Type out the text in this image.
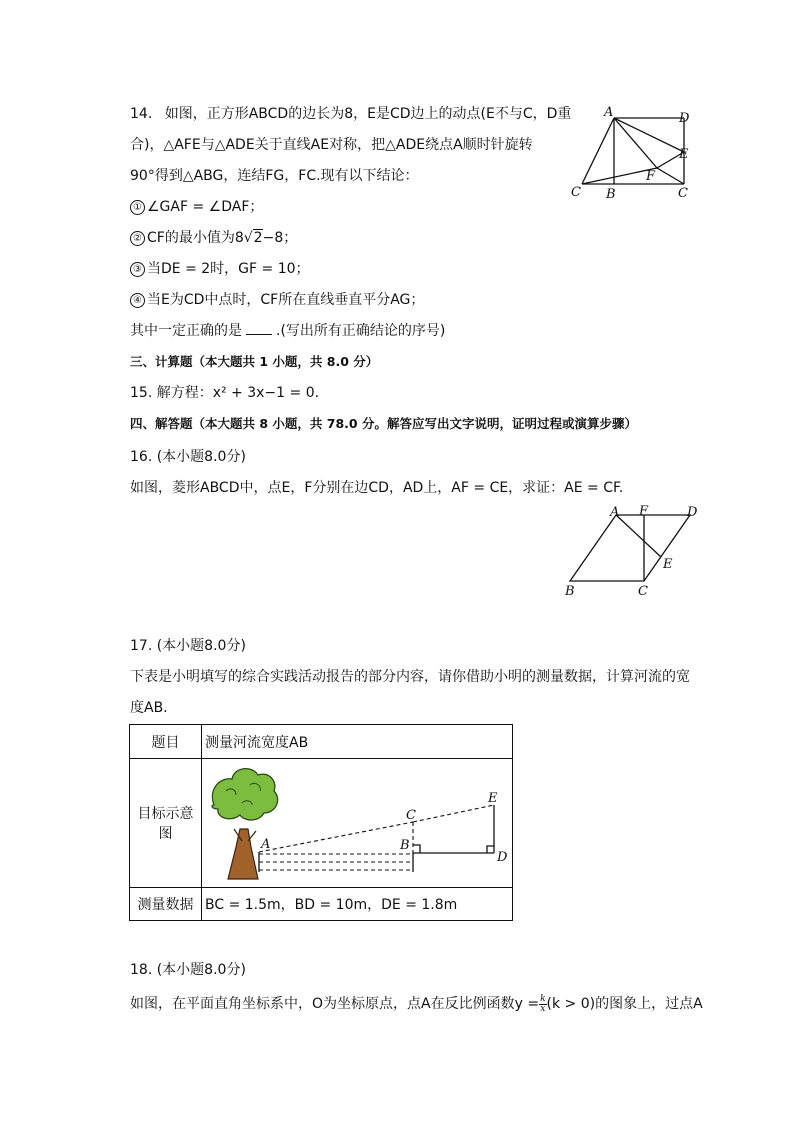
14. 如图，正方形ABCD的边长为8，E是CD边上的动点(E不与C，D重
合)，△AFE与△ADE关于直线AE对称，把△ADE绕点A顺时针旋转
90°得到△ABG，连结FG，FC.现有以下结论：
① ∠GAF = ∠DAF；
② CF的最小值为8√2−8；
③ 当DE = 2时，GF = 10；
④ 当E为CD中点时，CF所在直线垂直平分AG；
其中一定正确的是 .(写出所有正确结论的序号)
A	D
E
F
C B	C
三、计算题（本大题共 1 小题，共 8.0 分）
15. 解方程：x² + 3x−1 = 0.
四、解答题（本大题共 8 小题，共 78.0 分。解答应写出文字说明，证明过程或演算步骤）
16. (本小题8.0分)
如图，菱形ABCD中，点E，F分别在边CD，AD上，AF = CE，求证：AE = CF.
A F	D
E
B	C
17. (本小题8.0分)
下表是小明填写的综合实践活动报告的部分内容，请你借助小明的测量数据，计算河流的宽
度AB.
题目	测量河流宽度AB
目标示意图	A B
C
D
E

测量数据	BC = 1.5m，BD = 10m，DE = 1.8m
18. (本小题8.0分)
如图，在平面直角坐标系中，O为坐标原点，点A在反比例函数$y = \frac{k}{x} (k > 0)$的图象上，过点A
